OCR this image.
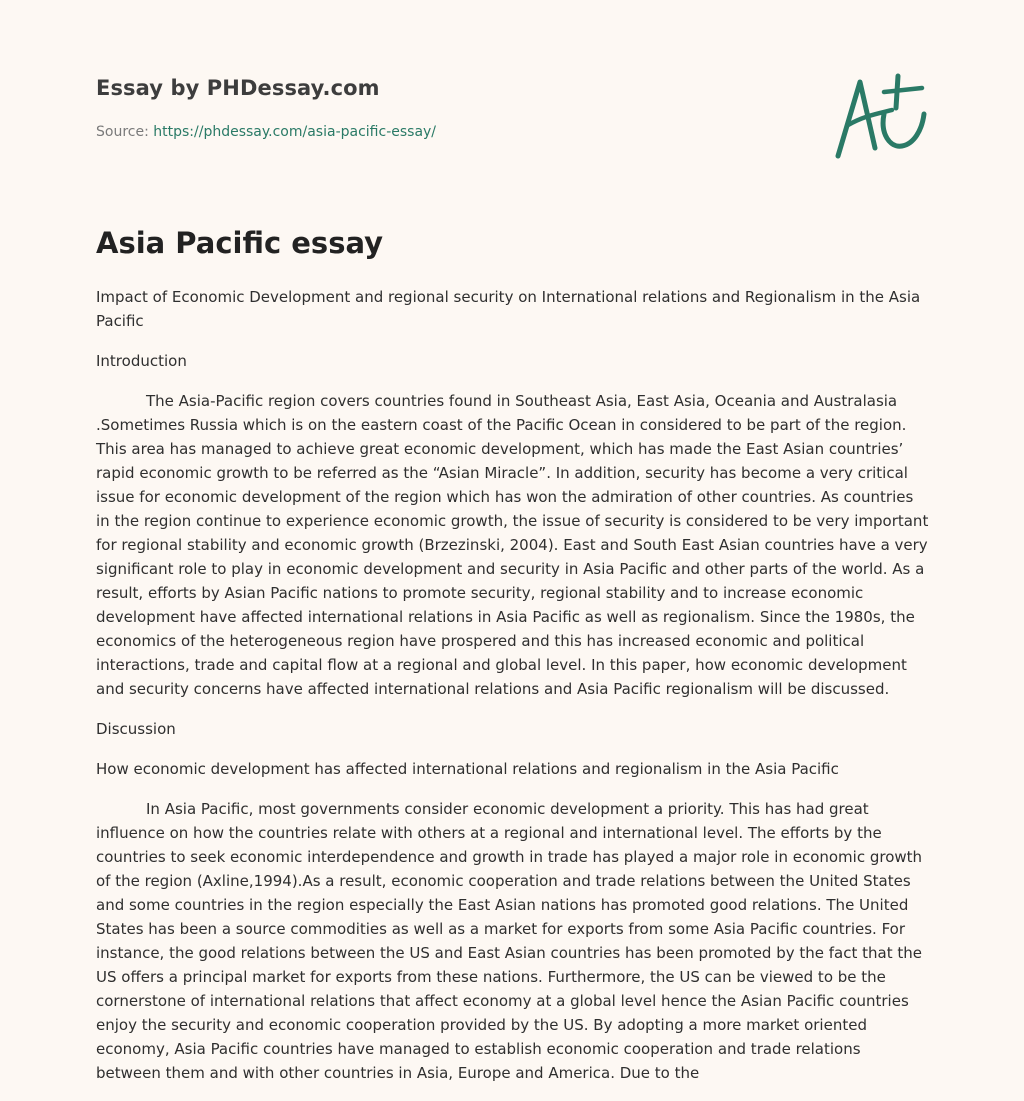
Essay by PHDessay.com
Source: https://phdessay.com/asia-pacific-essay/
Asia Pacific essay

Impact of Economic Development and regional security on International relations and Regionalism in the Asia Pacific

Introduction

The Asia-Pacific region covers countries found in Southeast Asia, East Asia, Oceania and Australasia .Sometimes Russia which is on the eastern coast of the Pacific Ocean in considered to be part of the region. This area has managed to achieve great economic development, which has made the East Asian countries’ rapid economic growth to be referred as the “Asian Miracle”. In addition, security has become a very critical issue for economic development of the region which has won the admiration of other countries. As countries in the region continue to experience economic growth, the issue of security is considered to be very important for regional stability and economic growth (Brzezinski, 2004). East and South East Asian countries have a very significant role to play in economic development and security in Asia Pacific and other parts of the world. As a result, efforts by Asian Pacific nations to promote security, regional stability and to increase economic development have affected international relations in Asia Pacific as well as regionalism. Since the 1980s, the economics of the heterogeneous region have prospered and this has increased economic and political interactions, trade and capital flow at a regional and global level. In this paper, how economic development and security concerns have affected international relations and Asia Pacific regionalism will be discussed.

Discussion

How economic development has affected international relations and regionalism in the Asia Pacific

In Asia Pacific, most governments consider economic development a priority. This has had great influence on how the countries relate with others at a regional and international level. The efforts by the countries to seek economic interdependence and growth in trade has played a major role in economic growth of the region (Axline,1994).As a result, economic cooperation and trade relations between the United States and some countries in the region especially the East Asian nations has promoted good relations. The United States has been a source commodities as well as a market for exports from some Asia Pacific countries. For instance, the good relations between the US and East Asian countries has been promoted by the fact that the US offers a principal market for exports from these nations. Furthermore, the US can be viewed to be the cornerstone of international relations that affect economy at a global level hence the Asian Pacific countries enjoy the security and economic cooperation provided by the US. By adopting a more market oriented economy, Asia Pacific countries have managed to establish economic cooperation and trade relations between them and with other countries in Asia, Europe and America. Due to the
